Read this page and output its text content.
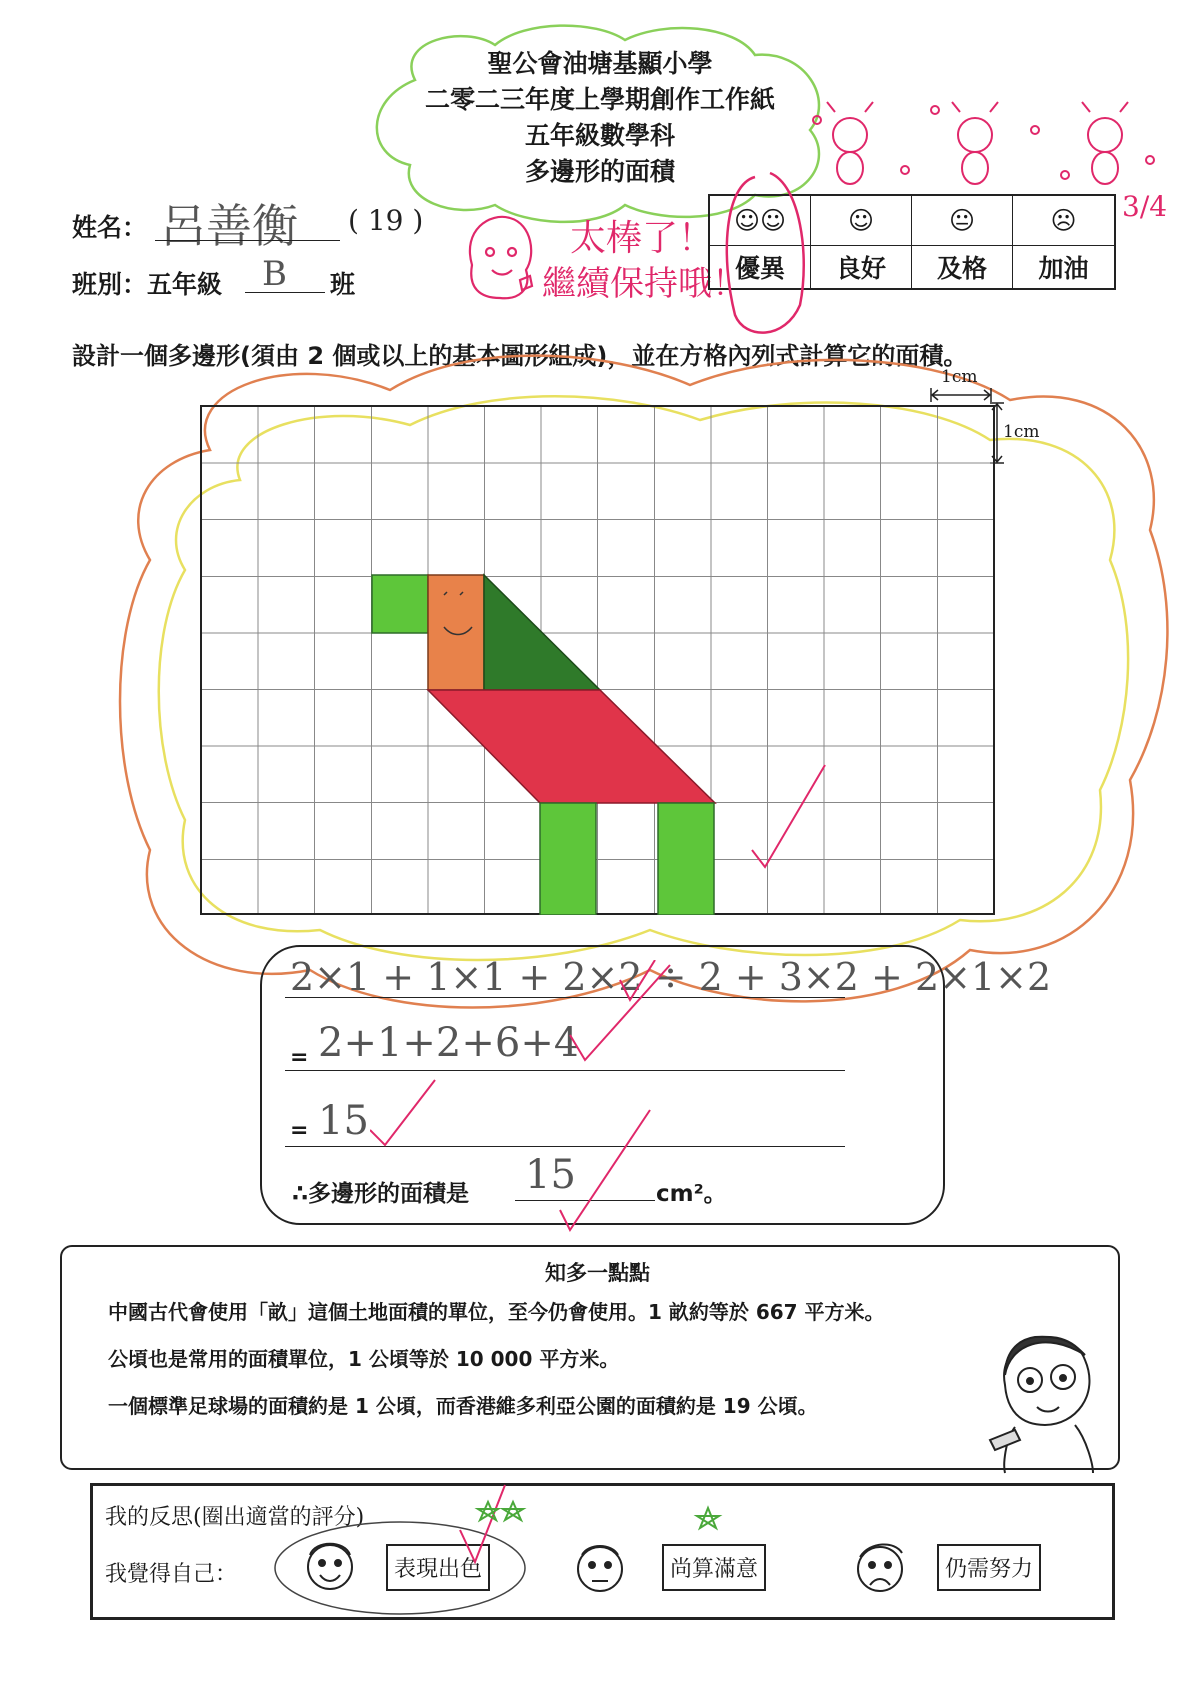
聖公會油塘基顯小學
二零二三年度上學期創作工作紙
五年級數學科
多邊形的面積
姓名： 呂善衡 ( 19 )
班別：五年級 B 班
太棒了！
繼續保持哦！
☺☺	☺	😐	☹
優異	良好	及格	加油
3/4
設計一個多邊形(須由 2 個或以上的基本圖形組成)，並在方格內列式計算它的面積。
1cm
1cm
2×1 + 1×1 + 2×2 ÷ 2 + 3×2 + 2×1×2
= 2+1+2+6+4
= 15
∴多邊形的面積是 15	cm²。
知多一點點
中國古代會使用「畝」這個土地面積的單位，至今仍會使用。1 畝約等於 667 平方米。
公頃也是常用的面積單位，1 公頃等於 10 000 平方米。
一個標準足球場的面積約是 1 公頃，而香港維多利亞公園的面積約是 19 公頃。
我的反思(圈出適當的評分)
我覺得自己：	表現出色	尚算滿意	仍需努力
